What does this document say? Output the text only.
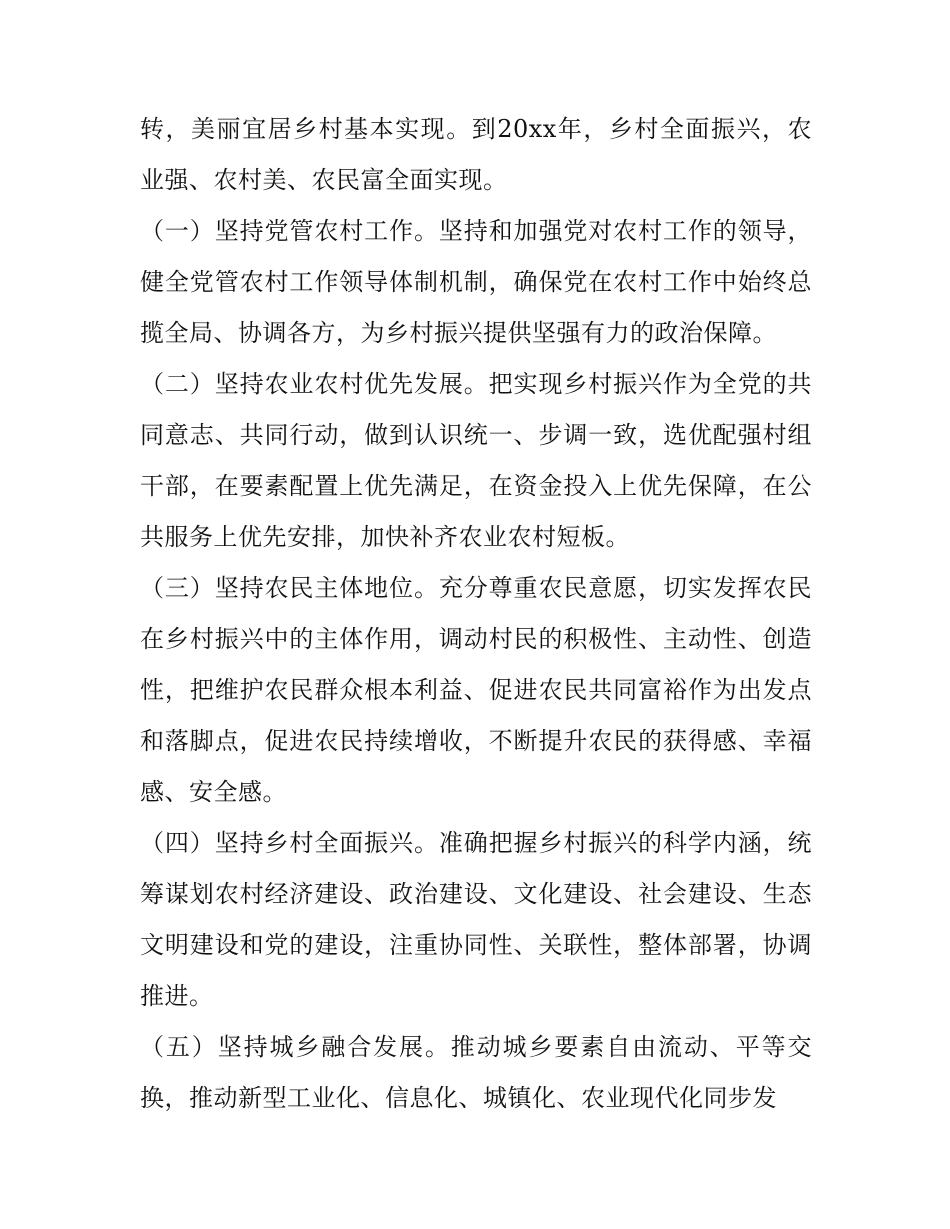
转，美丽宜居乡村基本实现。到20xx年，乡村全面振兴，农业强、农村美、农民富全面实现。

（一）坚持党管农村工作。坚持和加强党对农村工作的领导，健全党管农村工作领导体制机制，确保党在农村工作中始终总揽全局、协调各方，为乡村振兴提供坚强有力的政治保障。

（二）坚持农业农村优先发展。把实现乡村振兴作为全党的共同意志、共同行动，做到认识统一、步调一致，选优配强村组干部，在要素配置上优先满足，在资金投入上优先保障，在公共服务上优先安排，加快补齐农业农村短板。

（三）坚持农民主体地位。充分尊重农民意愿，切实发挥农民在乡村振兴中的主体作用，调动村民的积极性、主动性、创造性，把维护农民群众根本利益、促进农民共同富裕作为出发点和落脚点，促进农民持续增收，不断提升农民的获得感、幸福感、安全感。

（四）坚持乡村全面振兴。准确把握乡村振兴的科学内涵，统筹谋划农村经济建设、政治建设、文化建设、社会建设、生态文明建设和党的建设，注重协同性、关联性，整体部署，协调推进。

（五）坚持城乡融合发展。推动城乡要素自由流动、平等交换，推动新型工业化、信息化、城镇化、农业现代化同步发
